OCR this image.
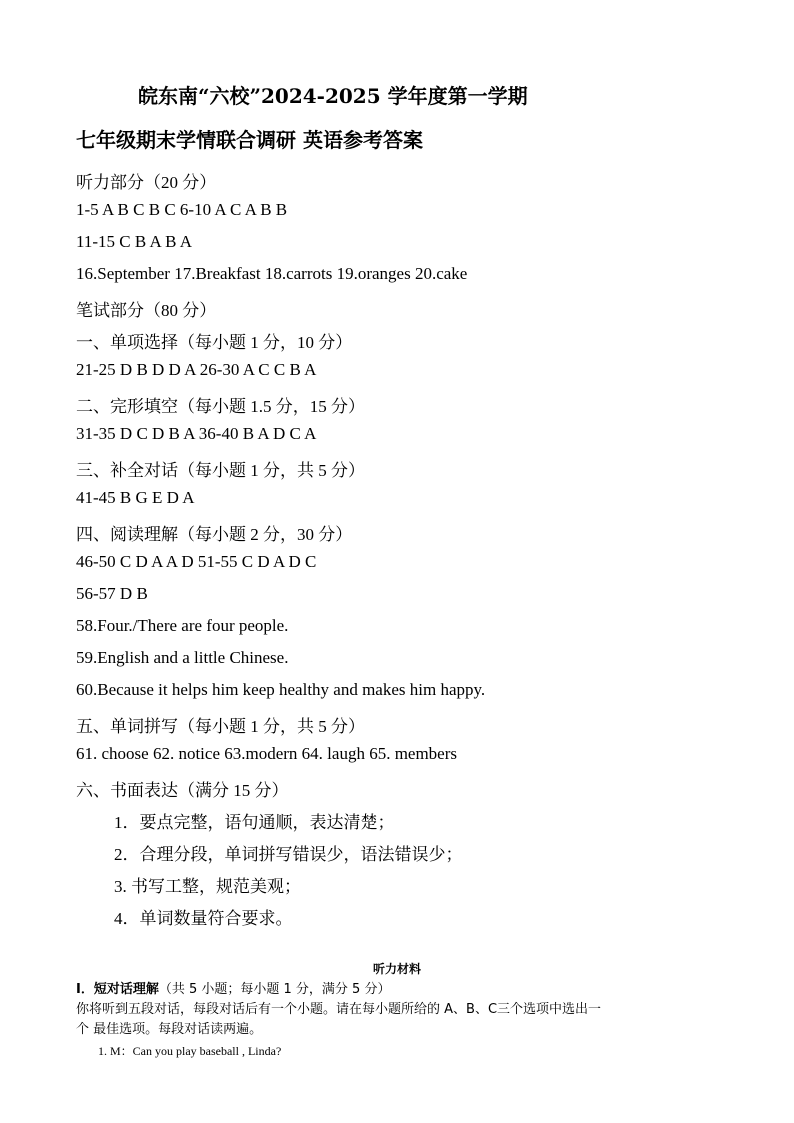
皖东南“六校”2024-2025 学年度第一学期
七年级期末学情联合调研 英语参考答案
听力部分（20 分）
1-5 A B C B C 6-10 A C A B B
11-15 C B A B A
16.September 17.Breakfast 18.carrots 19.oranges 20.cake
笔试部分（80 分）
一、单项选择（每小题 1 分，10 分）
21-25 D B D D A 26-30 A C C B A
二、完形填空（每小题 1.5 分，15 分）
31-35 D C D B A 36-40 B A D C A
三、补全对话（每小题 1 分，共 5 分）
41-45 B G E D A
四、阅读理解（每小题 2 分，30 分）
46-50 C D A A D 51-55 C D A D C
56-57 D B
58.Four./There are four people.
59.English and a little Chinese.
60.Because it helps him keep healthy and makes him happy.
五、单词拼写（每小题 1 分，共 5 分）
61. choose 62. notice 63.modern 64. laugh 65. members
六、书面表达（满分 15 分）
1．要点完整，语句通顺，表达清楚；
2．合理分段，单词拼写错误少，语法错误少；
3. 书写工整，规范美观；
4．单词数量符合要求。
听力材料
I．短对话理解（共 5 小题；每小题 1 分，满分 5 分）
你将听到五段对话，每段对话后有一个小题。请在每小题所给的 A、B、C三个选项中选出一
个 最佳选项。每段对话读两遍。
1. M：Can you play baseball , Linda?
